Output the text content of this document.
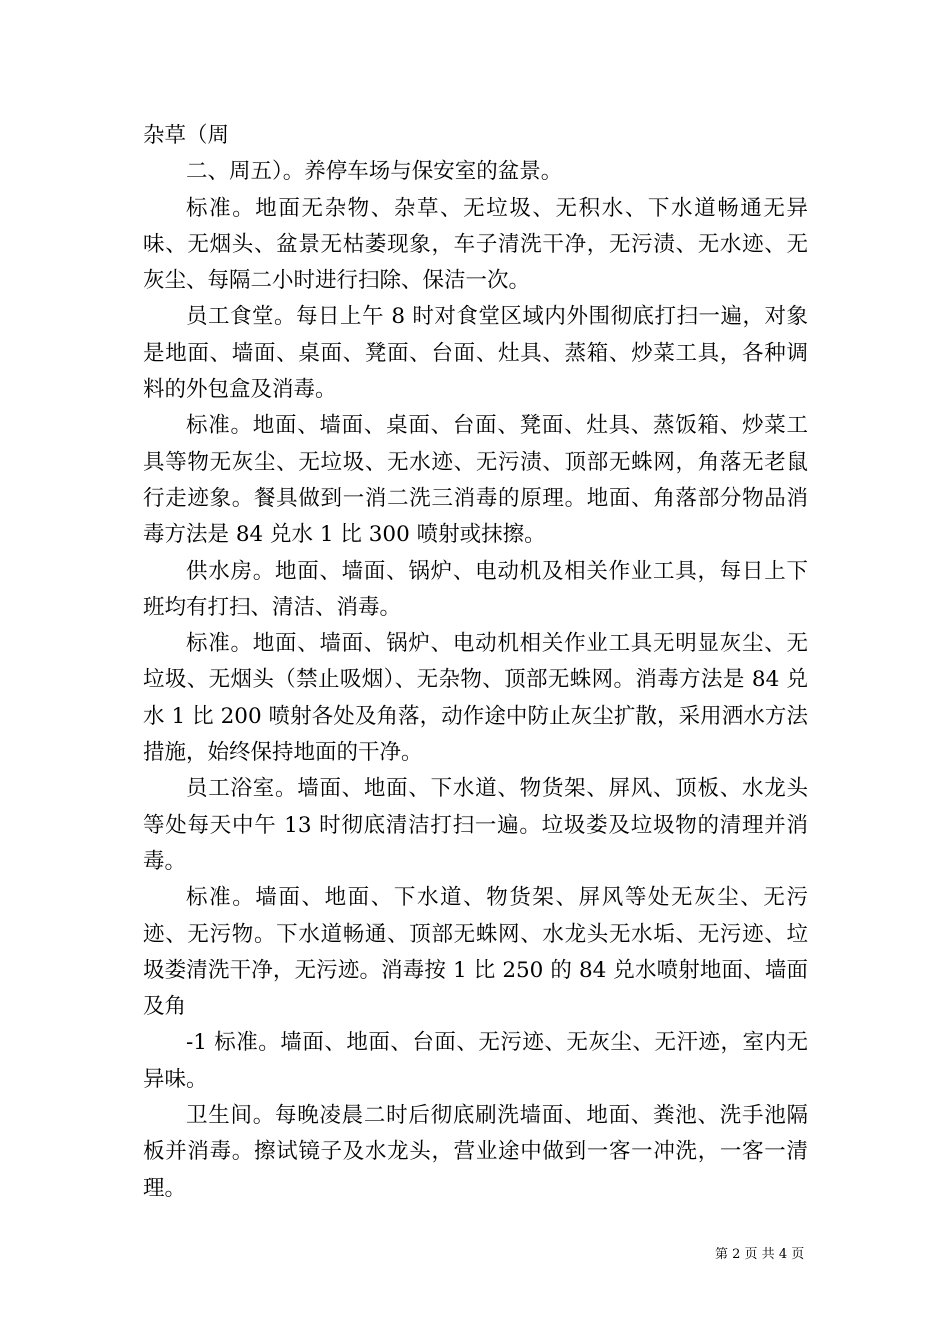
杂草（周

二、周五）。养停车场与保安室的盆景。

标准。地面无杂物、杂草、无垃圾、无积水、下水道畅通无异味、无烟头、盆景无枯萎现象，车子清洗干净，无污渍、无水迹、无灰尘、每隔二小时进行扫除、保洁一次。

员工食堂。每日上午 8 时对食堂区域内外围彻底打扫一遍，对象是地面、墙面、桌面、凳面、台面、灶具、蒸箱、炒菜工具，各种调料的外包盒及消毒。

标准。地面、墙面、桌面、台面、凳面、灶具、蒸饭箱、炒菜工具等物无灰尘、无垃圾、无水迹、无污渍、顶部无蛛网，角落无老鼠行走迹象。餐具做到一消二洗三消毒的原理。地面、角落部分物品消毒方法是 84 兑水 1 比 300 喷射或抹擦。

供水房。地面、墙面、锅炉、电动机及相关作业工具，每日上下班均有打扫、清洁、消毒。

标准。地面、墙面、锅炉、电动机相关作业工具无明显灰尘、无垃圾、无烟头（禁止吸烟）、无杂物、顶部无蛛网。消毒方法是 84 兑水 1 比 200 喷射各处及角落，动作途中防止灰尘扩散，采用洒水方法措施，始终保持地面的干净。

员工浴室。墙面、地面、下水道、物货架、屏风、顶板、水龙头等处每天中午 13 时彻底清洁打扫一遍。垃圾娄及垃圾物的清理并消毒。

标准。墙面、地面、下水道、物货架、屏风等处无灰尘、无污迹、无污物。下水道畅通、顶部无蛛网、水龙头无水垢、无污迹、垃圾娄清洗干净，无污迹。消毒按 1 比 250 的 84 兑水喷射地面、墙面及角

-1 标准。墙面、地面、台面、无污迹、无灰尘、无汗迹，室内无异味。

卫生间。每晚凌晨二时后彻底刷洗墙面、地面、粪池、洗手池隔板并消毒。擦试镜子及水龙头，营业途中做到一客一冲洗，一客一清理。

第 2 页 共 4 页
